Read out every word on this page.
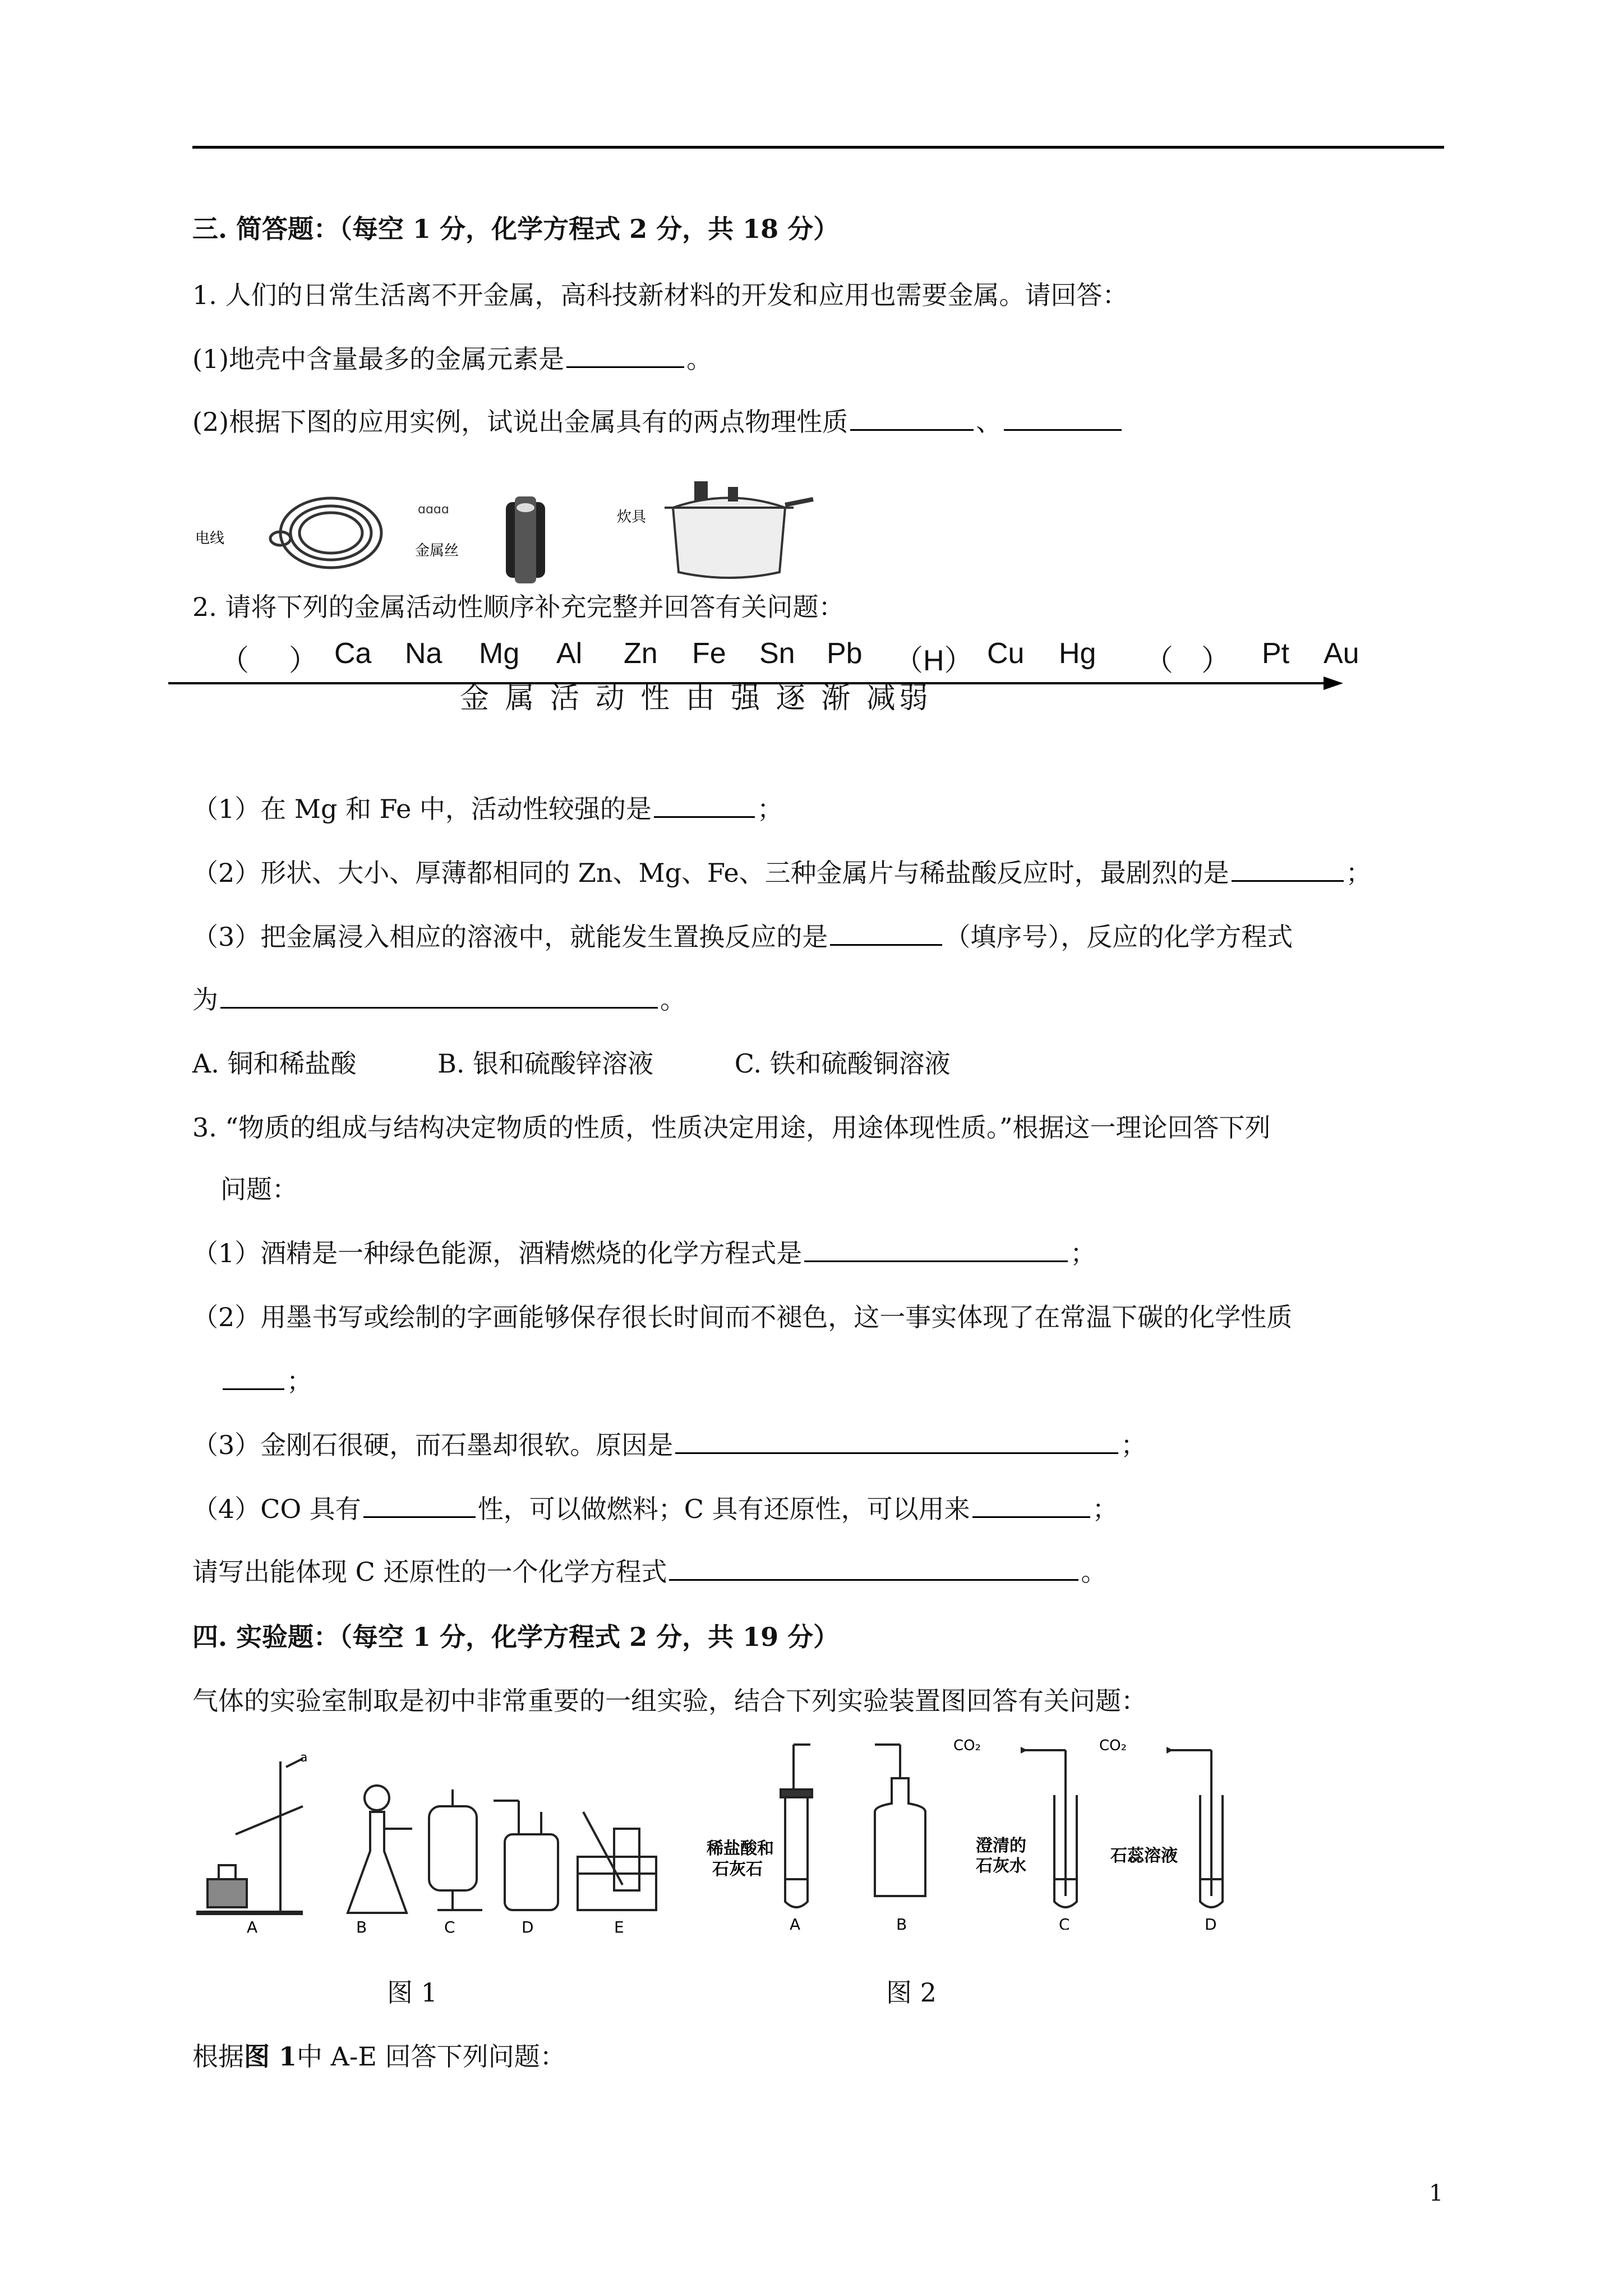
三. 简答题：（每空 1 分，化学方程式 2 分，共 18 分）
1. 人们的日常生活离不开金属，高科技新材料的开发和应用也需要金属。请回答：
(1)地壳中含量最多的金属元素是	。
(2)根据下图的应用实例，试说出金属具有的两点物理性质	、
电线
ɑɑɑɑ
金属丝
炊具
2. 请将下列的金属活动性顺序补充完整并回答有关问题：
（ ） Ca Na Mg Al Zn Fe Sn Pb （H） Cu Hg （ ） Pt Au
金 属 活 动 性 由 强 逐 渐 减弱
（1）在 Mg 和 Fe 中，活动性较强的是	；
（2）形状、大小、厚薄都相同的 Zn、Mg、Fe、三种金属片与稀盐酸反应时，最剧烈的是	；
（3）把金属浸入相应的溶液中，就能发生置换反应的是	（填序号），反应的化学方程式
为	。
A. 铜和稀盐酸	B. 银和硫酸锌溶液	C. 铁和硫酸铜溶液
3. “物质的组成与结构决定物质的性质，性质决定用途，用途体现性质。”根据这一理论回答下列
问题：
（1）酒精是一种绿色能源，酒精燃烧的化学方程式是	；
（2）用墨书写或绘制的字画能够保存很长时间而不褪色，这一事实体现了在常温下碳的化学性质
；
（3）金刚石很硬，而石墨却很软。原因是	；
（4）CO 具有	性，可以做燃料；C 具有还原性，可以用来	；
请写出能体现 C 还原性的一个化学方程式	。
四. 实验题：（每空 1 分，化学方程式 2 分，共 19 分）
气体的实验室制取是初中非常重要的一组实验，结合下列实验装置图回答有关问题：
a
A	B	C	D	E
稀盐酸和
石灰石
澄清的
石灰水
石蕊溶液
CO₂	CO₂
A	B	C	D
图 1	图 2
根据图 1中 A-E 回答下列问题：
1
